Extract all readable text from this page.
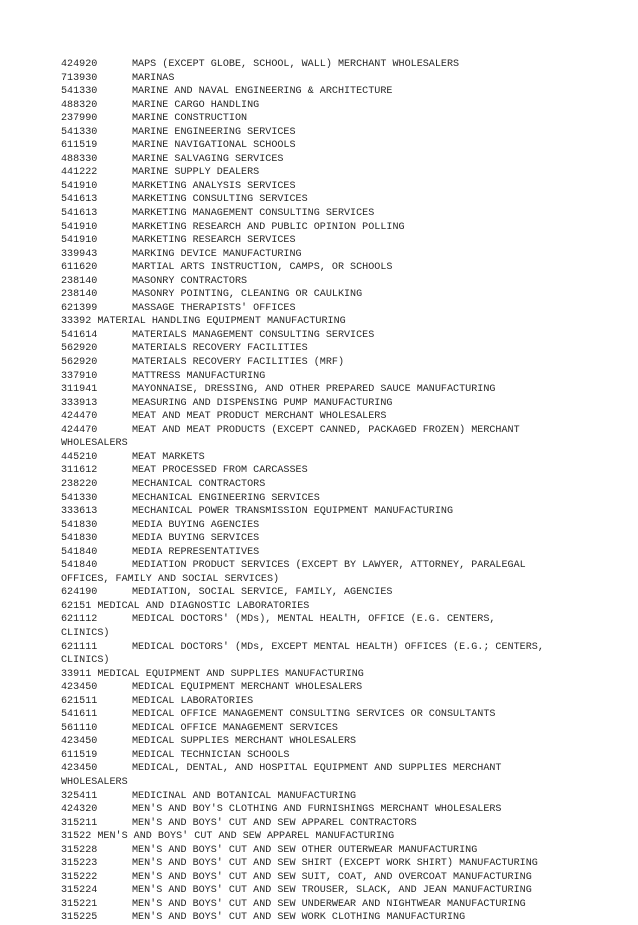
424920	MAPS (EXCEPT GLOBE, SCHOOL, WALL) MERCHANT WHOLESALERS
713930	MARINAS
541330	MARINE AND NAVAL ENGINEERING & ARCHITECTURE
488320	MARINE CARGO HANDLING
237990	MARINE CONSTRUCTION
541330	MARINE ENGINEERING SERVICES
611519	MARINE NAVIGATIONAL SCHOOLS
488330	MARINE SALVAGING SERVICES
441222	MARINE SUPPLY DEALERS
541910	MARKETING ANALYSIS SERVICES
541613	MARKETING CONSULTING SERVICES
541613	MARKETING MANAGEMENT CONSULTING SERVICES
541910	MARKETING RESEARCH AND PUBLIC OPINION POLLING
541910	MARKETING RESEARCH SERVICES
339943	MARKING DEVICE MANUFACTURING
611620	MARTIAL ARTS INSTRUCTION, CAMPS, OR SCHOOLS
238140	MASONRY CONTRACTORS
238140	MASONRY POINTING, CLEANING OR CAULKING
621399	MASSAGE THERAPISTS' OFFICES
33392 MATERIAL HANDLING EQUIPMENT MANUFACTURING
541614	MATERIALS MANAGEMENT CONSULTING SERVICES
562920	MATERIALS RECOVERY FACILITIES
562920	MATERIALS RECOVERY FACILITIES (MRF)
337910	MATTRESS MANUFACTURING
311941	MAYONNAISE, DRESSING, AND OTHER PREPARED SAUCE MANUFACTURING
333913	MEASURING AND DISPENSING PUMP MANUFACTURING
424470	MEAT AND MEAT PRODUCT MERCHANT WHOLESALERS
424470	MEAT AND MEAT PRODUCTS (EXCEPT CANNED, PACKAGED FROZEN) MERCHANT
WHOLESALERS
445210	MEAT MARKETS
311612	MEAT PROCESSED FROM CARCASSES
238220	MECHANICAL CONTRACTORS
541330	MECHANICAL ENGINEERING SERVICES
333613	MECHANICAL POWER TRANSMISSION EQUIPMENT MANUFACTURING
541830	MEDIA BUYING AGENCIES
541830	MEDIA BUYING SERVICES
541840	MEDIA REPRESENTATIVES
541840	MEDIATION PRODUCT SERVICES (EXCEPT BY LAWYER, ATTORNEY, PARALEGAL
OFFICES, FAMILY AND SOCIAL SERVICES)
624190	MEDIATION, SOCIAL SERVICE, FAMILY, AGENCIES
62151 MEDICAL AND DIAGNOSTIC LABORATORIES
621112	MEDICAL DOCTORS' (MDs), MENTAL HEALTH, OFFICE (E.G. CENTERS,
CLINICS)
621111	MEDICAL DOCTORS' (MDs, EXCEPT MENTAL HEALTH) OFFICES (E.G.; CENTERS,
CLINICS)
33911 MEDICAL EQUIPMENT AND SUPPLIES MANUFACTURING
423450	MEDICAL EQUIPMENT MERCHANT WHOLESALERS
621511	MEDICAL LABORATORIES
541611	MEDICAL OFFICE MANAGEMENT CONSULTING SERVICES OR CONSULTANTS
561110	MEDICAL OFFICE MANAGEMENT SERVICES
423450	MEDICAL SUPPLIES MERCHANT WHOLESALERS
611519	MEDICAL TECHNICIAN SCHOOLS
423450	MEDICAL, DENTAL, AND HOSPITAL EQUIPMENT AND SUPPLIES MERCHANT
WHOLESALERS
325411	MEDICINAL AND BOTANICAL MANUFACTURING
424320	MEN'S AND BOY'S CLOTHING AND FURNISHINGS MERCHANT WHOLESALERS
315211	MEN'S AND BOYS' CUT AND SEW APPAREL CONTRACTORS
31522 MEN'S AND BOYS' CUT AND SEW APPAREL MANUFACTURING
315228	MEN'S AND BOYS' CUT AND SEW OTHER OUTERWEAR MANUFACTURING
315223	MEN'S AND BOYS' CUT AND SEW SHIRT (EXCEPT WORK SHIRT) MANUFACTURING
315222	MEN'S AND BOYS' CUT AND SEW SUIT, COAT, AND OVERCOAT MANUFACTURING
315224	MEN'S AND BOYS' CUT AND SEW TROUSER, SLACK, AND JEAN MANUFACTURING
315221	MEN'S AND BOYS' CUT AND SEW UNDERWEAR AND NIGHTWEAR MANUFACTURING
315225	MEN'S AND BOYS' CUT AND SEW WORK CLOTHING MANUFACTURING
